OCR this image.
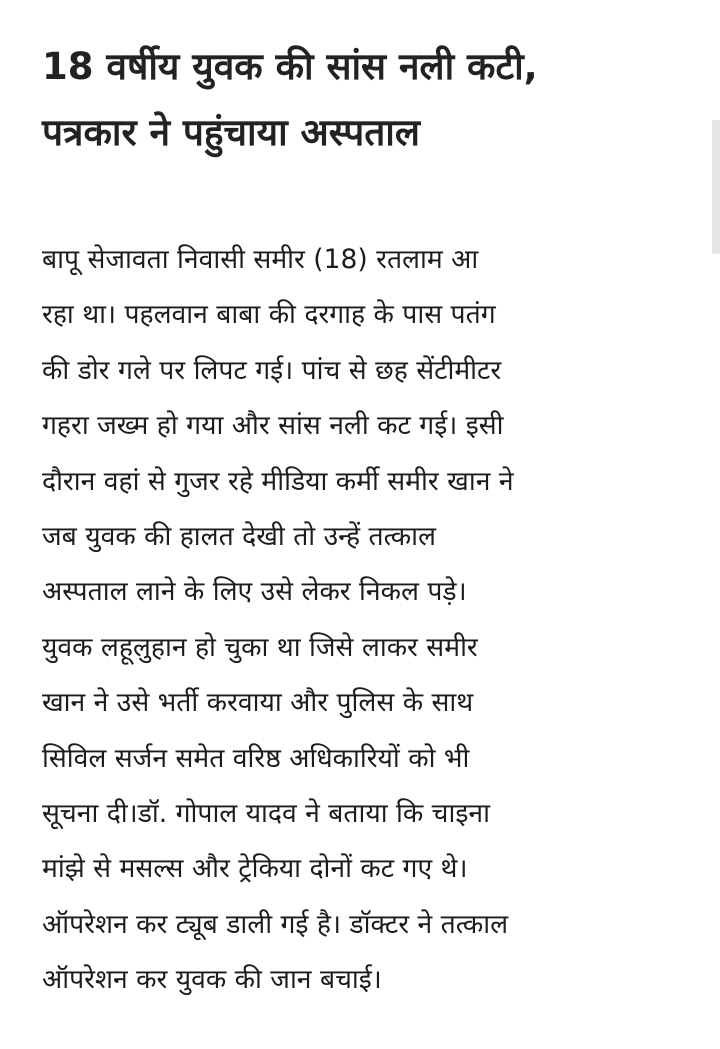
18 वर्षीय युवक की सांस नली कटी,
पत्रकार ने पहुंचाया अस्पताल

बापू सेजावता निवासी समीर (18) रतलाम आ
रहा था। पहलवान बाबा की दरगाह के पास पतंग
की डोर गले पर लिपट गई। पांच से छह सेंटीमीटर
गहरा जख्म हो गया और सांस नली कट गई। इसी
दौरान वहां से गुजर रहे मीडिया कर्मी समीर खान ने
जब युवक की हालत देखी तो उन्हें तत्काल
अस्पताल लाने के लिए उसे लेकर निकल पड़े।
युवक लहूलुहान हो चुका था जिसे लाकर समीर
खान ने उसे भर्ती करवाया और पुलिस के साथ
सिविल सर्जन समेत वरिष्ठ अधिकारियों को भी
सूचना दी।डॉ. गोपाल यादव ने बताया कि चाइना
मांझे से मसल्स और ट्रेकिया दोनों कट गए थे।
ऑपरेशन कर ट्यूब डाली गई है। डॉक्टर ने तत्काल
ऑपरेशन कर युवक की जान बचाई।
